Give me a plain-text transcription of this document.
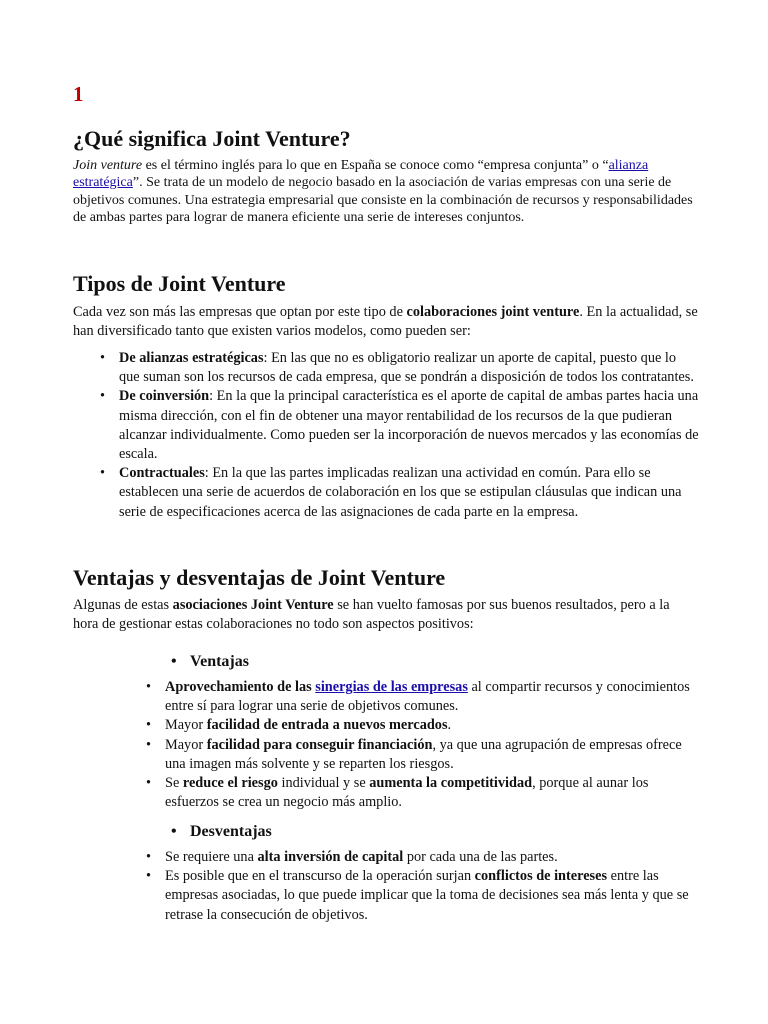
1

¿Qué significa Joint Venture?

Join venture es el término inglés para lo que en España se conoce como “empresa conjunta” o “alianza estratégica”. Se trata de un modelo de negocio basado en la asociación de varias empresas con una serie de objetivos comunes. Una estrategia empresarial que consiste en la combinación de recursos y responsabilidades de ambas partes para lograr de manera eficiente una serie de intereses conjuntos.

Tipos de Joint Venture

Cada vez son más las empresas que optan por este tipo de colaboraciones joint venture. En la actualidad, se han diversificado tanto que existen varios modelos, como pueden ser:

• De alianzas estratégicas: En las que no es obligatorio realizar un aporte de capital, puesto que lo que suman son los recursos de cada empresa, que se pondrán a disposición de todos los contratantes.
• De coinversión: En la que la principal característica es el aporte de capital de ambas partes hacia una misma dirección, con el fin de obtener una mayor rentabilidad de los recursos de la que pudieran alcanzar individualmente. Como pueden ser la incorporación de nuevos mercados y las economías de escala.
• Contractuales: En la que las partes implicadas realizan una actividad en común. Para ello se establecen una serie de acuerdos de colaboración en los que se estipulan cláusulas que indican una serie de especificaciones acerca de las asignaciones de cada parte en la empresa.
Ventajas y desventajas de Joint Venture

Algunas de estas asociaciones Joint Venture se han vuelto famosas por sus buenos resultados, pero a la hora de gestionar estas colaboraciones no todo son aspectos positivos:

• Ventajas
• Aprovechamiento de las sinergias de las empresas al compartir recursos y conocimientos entre sí para lograr una serie de objetivos comunes.
• Mayor facilidad de entrada a nuevos mercados.
• Mayor facilidad para conseguir financiación, ya que una agrupación de empresas ofrece una imagen más solvente y se reparten los riesgos.
• Se reduce el riesgo individual y se aumenta la competitividad, porque al aunar los esfuerzos se crea un negocio más amplio.
• Desventajas
• Se requiere una alta inversión de capital por cada una de las partes.
• Es posible que en el transcurso de la operación surjan conflictos de intereses entre las empresas asociadas, lo que puede implicar que la toma de decisiones sea más lenta y que se retrase la consecución de objetivos.
